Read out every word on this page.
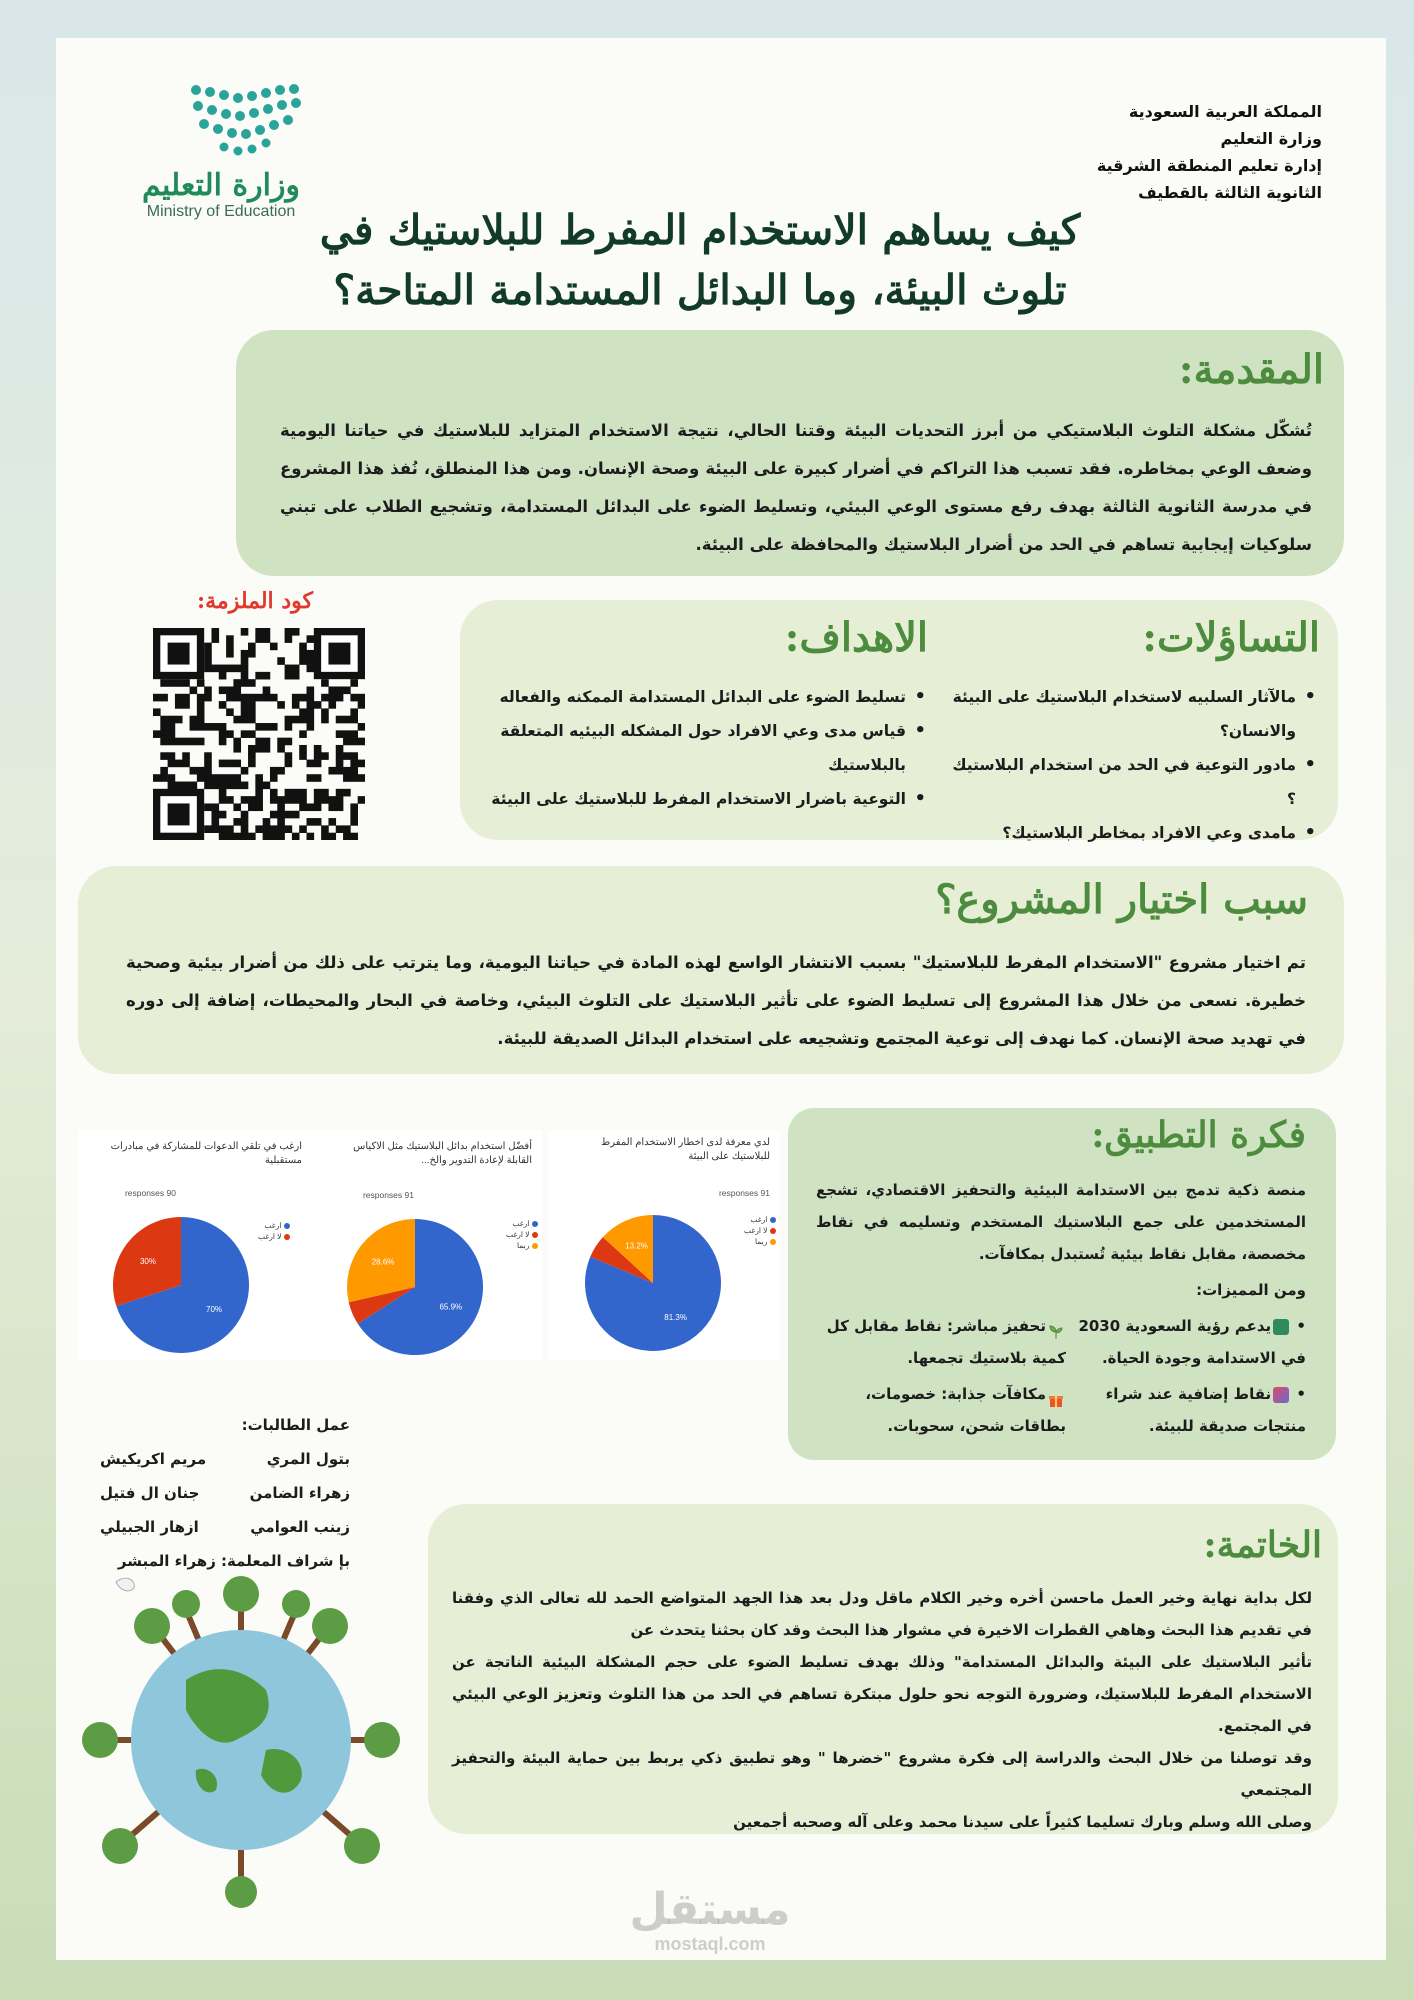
المملكة العربية السعودية
وزارة التعليم
إدارة تعليم المنطقة الشرقية
الثانوية الثالثة بالقطيف
وزارة التعليم
Ministry of Education كيف يساهم الاستخدام المفرط للبلاستيك في
تلوث البيئة، وما البدائل المستدامة المتاحة؟
المقدمة:
تُشكّل مشكلة التلوث البلاستيكي من أبرز التحديات البيئة وقتنا الحالي، نتيجة الاستخدام المتزايد للبلاستيك في حياتنا اليومية وضعف الوعي بمخاطره. فقد تسبب هذا التراكم في أضرار كبيرة على البيئة وصحة الإنسان. ومن هذا المنطلق، نُفذ هذا المشروع في مدرسة الثانوية الثالثة بهدف رفع مستوى الوعي البيئي، وتسليط الضوء على البدائل المستدامة، وتشجيع الطلاب على تبني سلوكيات إيجابية تساهم في الحد من أضرار البلاستيك والمحافظة على البيئة.
كود الملزمة:
التساؤلات:
الاهداف:
• مالآثار السلبيه لاستخدام البلاستيك على البيئة والانسان؟
• مادور التوعية في الحد من استخدام البلاستيك ؟
• مامدى وعي الافراد بمخاطر البلاستيك؟
• تسليط الضوء على البدائل المستدامة الممكنه والفعاله
• قياس مدى وعي الافراد حول المشكله البيئيه المتعلقة بالبلاستيك
• التوعية باضرار الاستخدام المفرط للبلاستيك على البيئة
سبب اختيار المشروع؟
تم اختيار مشروع "الاستخدام المفرط للبلاستيك" بسبب الانتشار الواسع لهذه المادة في حياتنا اليومية، وما يترتب على ذلك من أضرار بيئية وصحية خطيرة. نسعى من خلال هذا المشروع إلى تسليط الضوء على تأثير البلاستيك على التلوث البيئي، وخاصة في البحار والمحيطات، إضافة إلى دوره في تهديد صحة الإنسان. كما نهدف إلى توعية المجتمع وتشجيعه على استخدام البدائل الصديقة للبيئة.
لدي معرفة لدى اخطار الاستخدام المفرط للبلاستيك على البيئة
91 responses
81.3%
13.2%
ارغب
لا ارغب
ربما
أفضّل استخدام بدائل البلاستيك مثل الاكياس القابلة لإعادة التدوير والخ...
91 responses
65.9%
28.6%
ارغب
لا ارغب
ربما
ارغب في تلقي الدعوات للمشاركة في مبادرات مستقبلية
90 responses
70%
30%
ارغب
لا ارغب
فكرة التطبيق:
منصة ذكية تدمج بين الاستدامة البيئية والتحفيز الاقتصادي، تشجع المستخدمين على جمع البلاستيك المستخدم وتسليمه في نقاط مخصصة، مقابل نقاط بيئية تُستبدل بمكافآت.
ومن المميزات:
• يدعم رؤية السعودية 2030 في الاستدامة وجودة الحياة.
تحفيز مباشر: نقاط مقابل كل كمية بلاستيك تجمعها.
• نقاط إضافية عند شراء منتجات صديقة للبيئة.
مكافآت جذابة: خصومات، بطاقات شحن، سحوبات.
عمل الطالبات:
بتول المري
مريم اكريكيش
زهراء الضامن
جنان ال فتيل
زينب العوامي
ازهار الجبيلي
بإ شراف المعلمة: زهراء المبشر	الخاتمة:
لكل بداية نهاية وخير العمل ماحسن أخره وخير الكلام ماقل ودل بعد هذا الجهد المتواضع الحمد لله تعالى الذي وفقنا في تقديم هذا البحث وهاهي القطرات الاخيرة في مشوار هذا البحث وقد كان بحثنا يتحدث عن
تأثير البلاستيك على البيئة والبدائل المستدامة" وذلك بهدف تسليط الضوء على حجم المشكلة البيئية الناتجة عن الاستخدام المفرط للبلاستيك، وضرورة التوجه نحو حلول مبتكرة تساهم في الحد من هذا التلوث وتعزيز الوعي البيئي في المجتمع.
وقد توصلنا من خلال البحث والدراسة إلى فكرة مشروع "خضرها " وهو تطبيق ذكي يربط بين حماية البيئة والتحفيز المجتمعي
وصلى الله وسلم وبارك تسليما كثيراً على سيدنا محمد وعلى آله وصحبه أجمعين
مستقل
mostaql.com
